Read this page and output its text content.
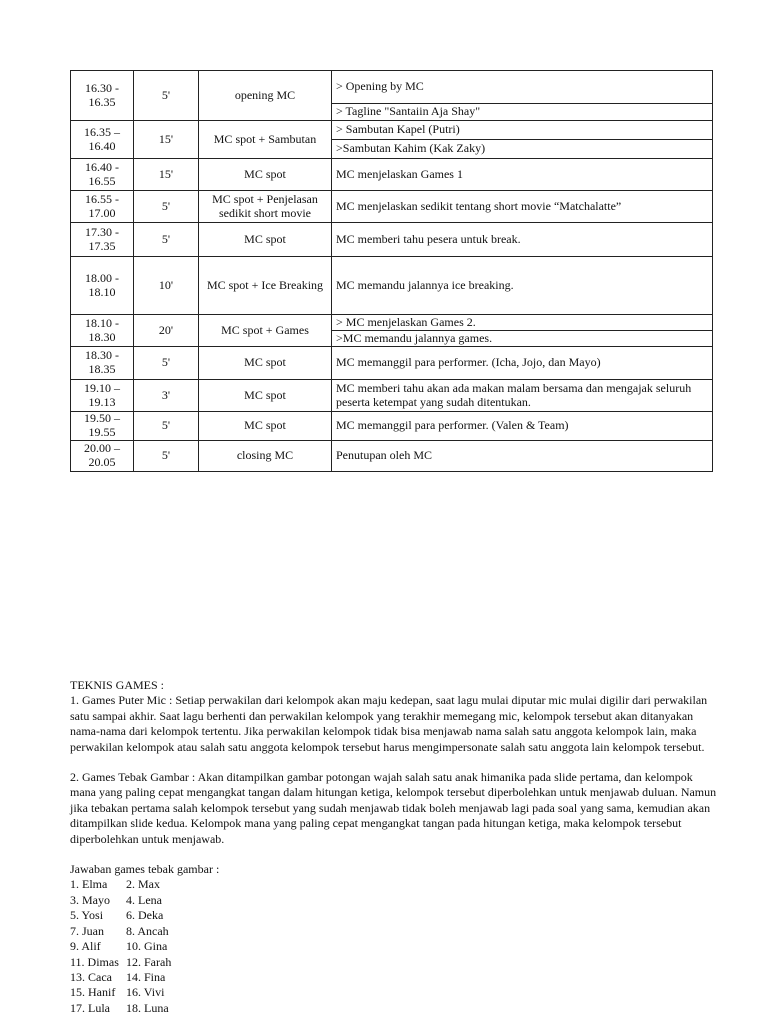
16.30 - 16.35	5'	opening MC	> Opening by MC
			> Tagline "Santaiin Aja Shay"
16.35 – 16.40	15'	MC spot + Sambutan	> Sambutan Kapel (Putri)
			>Sambutan Kahim (Kak Zaky)
16.40 - 16.55	15'	MC spot	MC menjelaskan Games 1
16.55 - 17.00	5'	MC spot + Penjelasan sedikit short movie	MC menjelaskan sedikit tentang short movie “Matchalatte”
17.30 - 17.35	5'	MC spot	MC memberi tahu pesera untuk break.
18.00 - 18.10	10'	MC spot + Ice Breaking	MC memandu jalannya ice breaking.
18.10 - 18.30	20'	MC spot + Games	> MC menjelaskan Games 2.
			>MC memandu jalannya games.
18.30 - 18.35	5'	MC spot	MC memanggil para performer. (Icha, Jojo, dan Mayo)
19.10 – 19.13	3'	MC spot	MC memberi tahu akan ada makan malam bersama dan mengajak seluruh peserta ketempat yang sudah ditentukan.
19.50 – 19.55	5'	MC spot	MC memanggil para performer. (Valen & Team)
20.00 – 20.05	5'	closing MC	Penutupan oleh MC

TEKNIS GAMES :

1. Games Puter Mic : Setiap perwakilan dari kelompok akan maju kedepan, saat lagu mulai diputar mic mulai digilir dari perwakilan satu sampai akhir. Saat lagu berhenti dan perwakilan kelompok yang terakhir memegang mic, kelompok tersebut akan ditanyakan nama-nama dari kelompok tertentu. Jika perwakilan kelompok tidak bisa menjawab nama salah satu anggota kelompok lain, maka perwakilan kelompok atau salah satu anggota kelompok tersebut harus mengimpersonate salah satu anggota lain kelompok tersebut.

2. Games Tebak Gambar : Akan ditampilkan gambar potongan wajah salah satu anak himanika pada slide pertama, dan kelompok mana yang paling cepat mengangkat tangan dalam hitungan ketiga, kelompok tersebut diperbolehkan untuk menjawab duluan. Namun jika tebakan pertama salah kelompok tersebut yang sudah menjawab tidak boleh menjawab lagi pada soal yang sama, kemudian akan ditampilkan slide kedua. Kelompok mana yang paling cepat mengangkat tangan pada hitungan ketiga, maka kelompok tersebut diperbolehkan untuk menjawab.

Jawaban games tebak gambar :

1. Elma	2. Max
3. Mayo	4. Lena
5. Yosi	6. Deka
7. Juan	8. Ancah
9. Alif	10. Gina
11. Dimas 12. Farah
13. Caca	14. Fina
15. Hanif 16. Vivi
17. Lula	18. Luna
